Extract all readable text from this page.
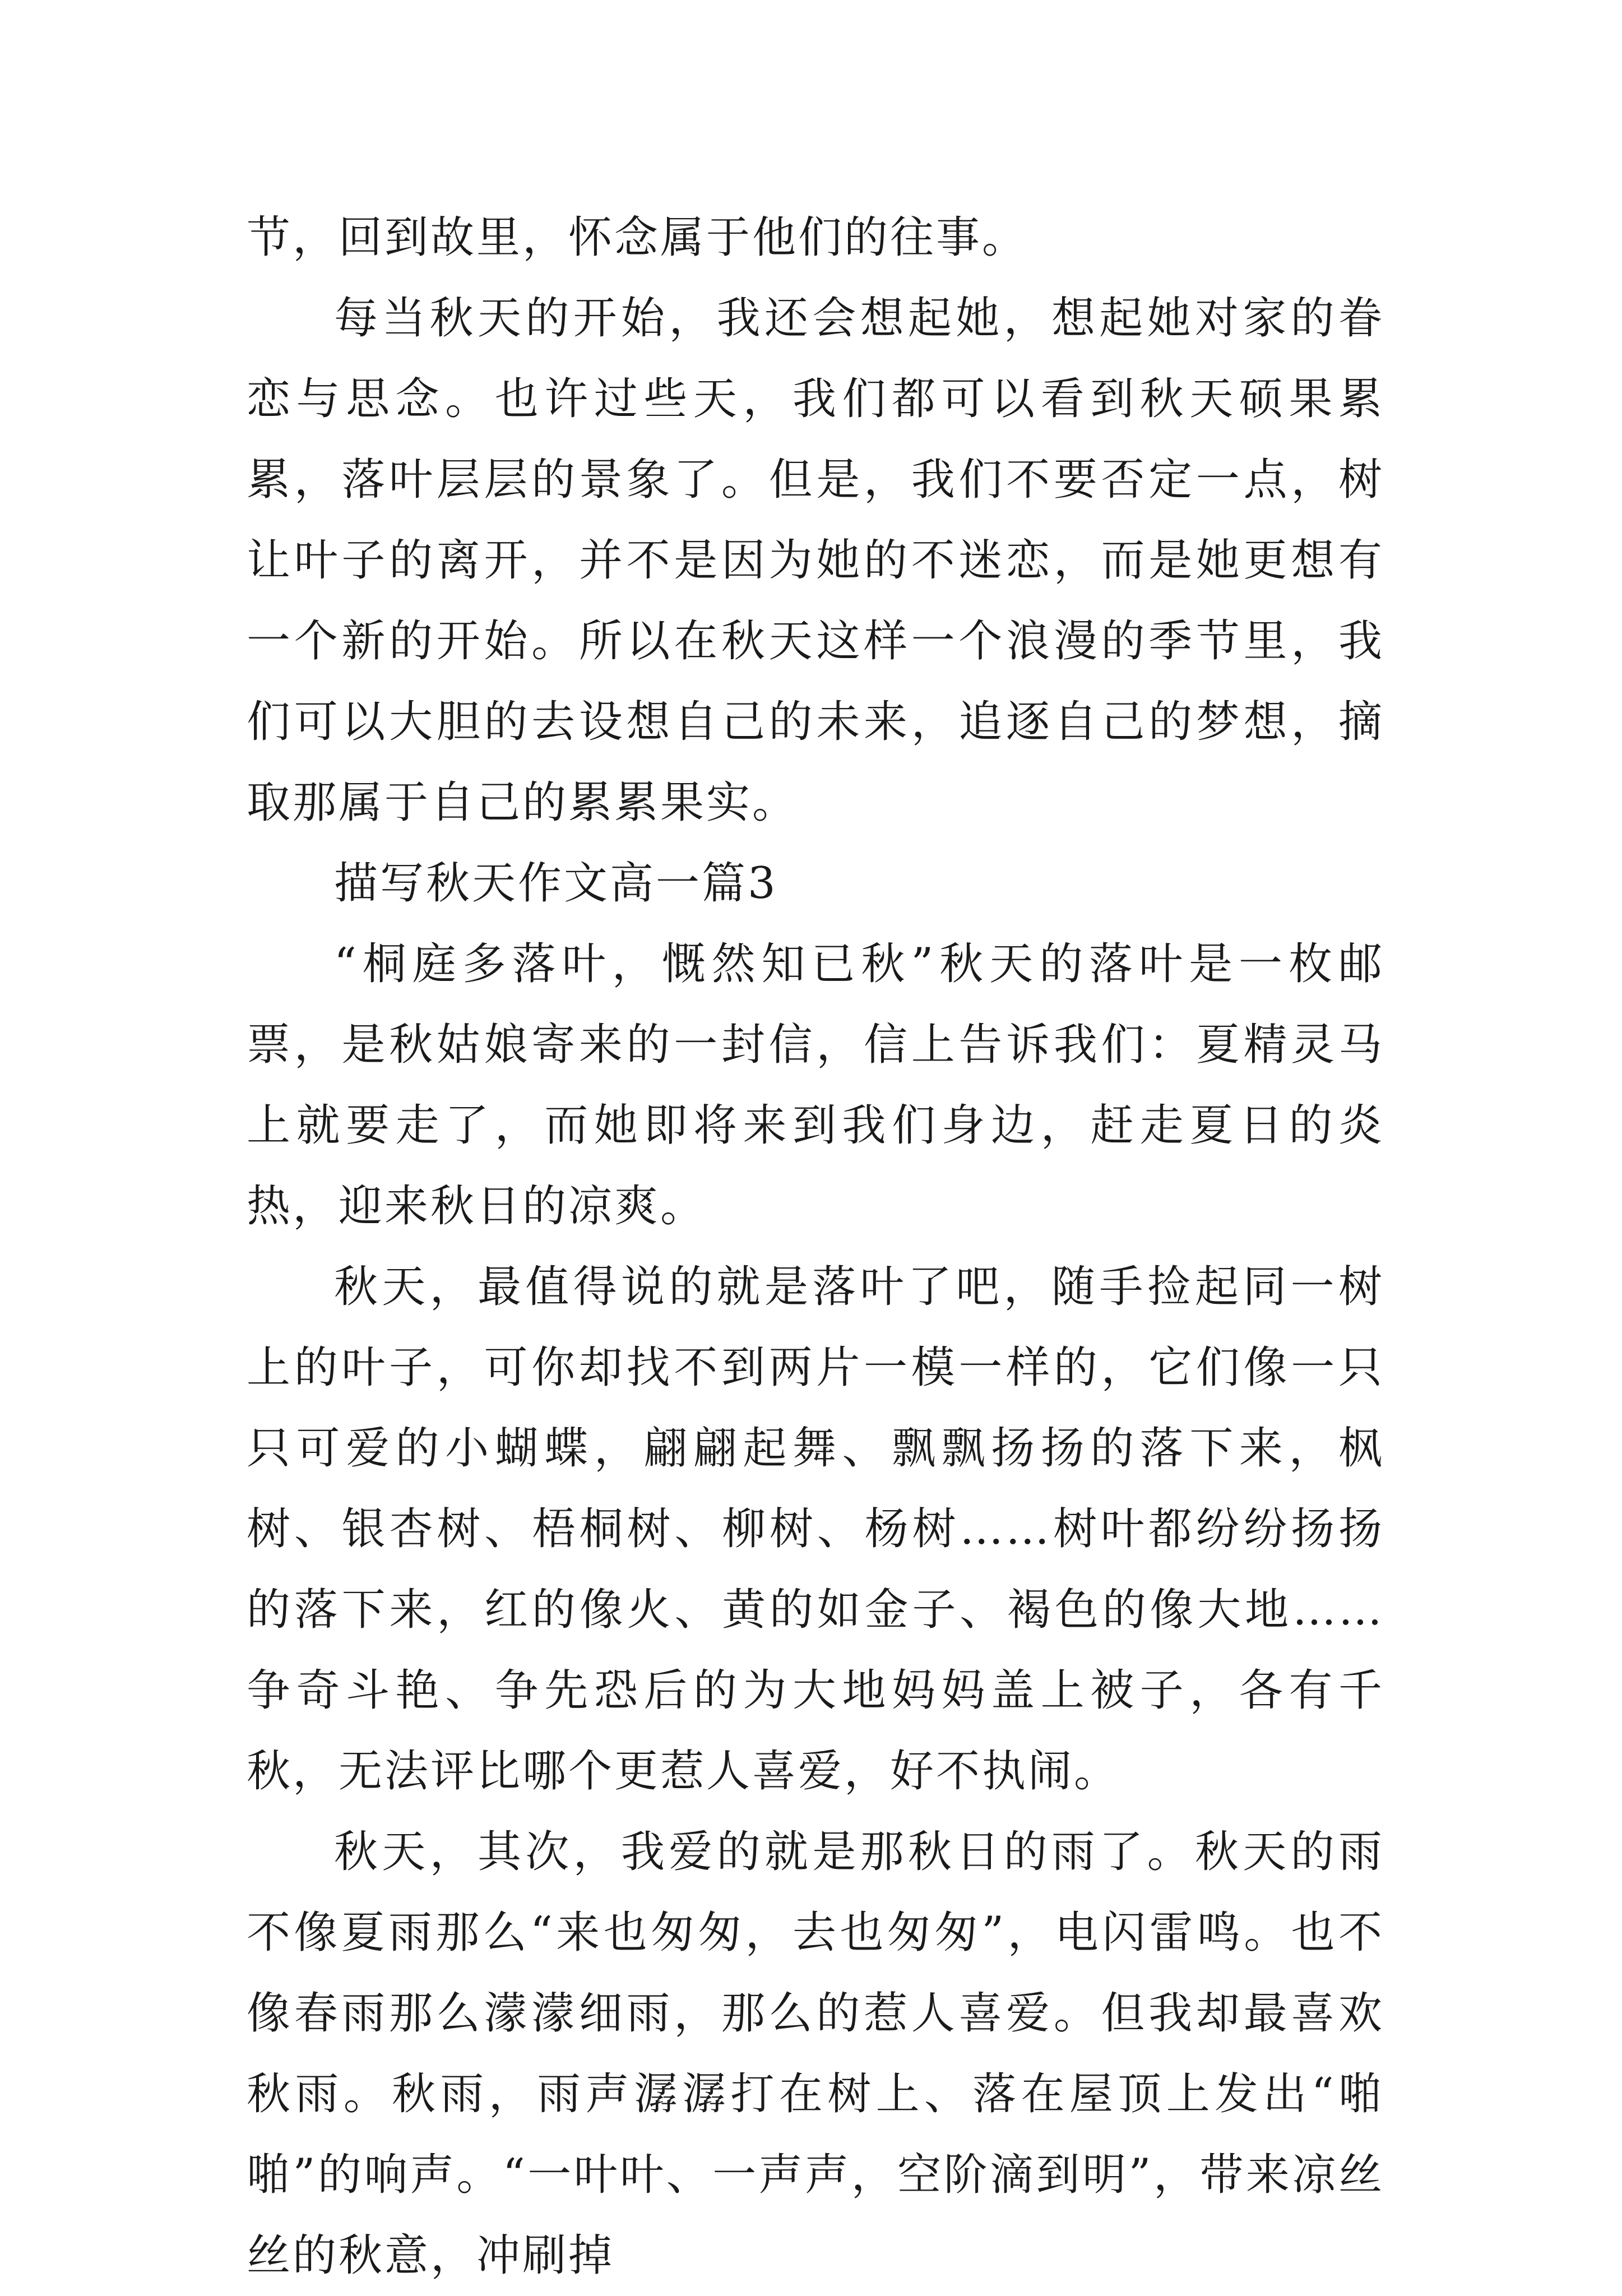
节，回到故里，怀念属于他们的往事。

每当秋天的开始，我还会想起她，想起她对家的眷恋与思念。也许过些天，我们都可以看到秋天硕果累累，落叶层层的景象了。但是，我们不要否定一点，树让叶子的离开，并不是因为她的不迷恋，而是她更想有一个新的开始。所以在秋天这样一个浪漫的季节里，我们可以大胆的去设想自己的未来，追逐自己的梦想，摘取那属于自己的累累果实。

描写秋天作文高一篇3

“桐庭多落叶，慨然知已秋”秋天的落叶是一枚邮票，是秋姑娘寄来的一封信，信上告诉我们：夏精灵马上就要走了，而她即将来到我们身边，赶走夏日的炎热，迎来秋日的凉爽。

秋天，最值得说的就是落叶了吧，随手捡起同一树上的叶子，可你却找不到两片一模一样的，它们像一只只可爱的小蝴蝶，翩翩起舞、飘飘扬扬的落下来，枫树、银杏树、梧桐树、柳树、杨树……树叶都纷纷扬扬的落下来，红的像火、黄的如金子、褐色的像大地……争奇斗艳、争先恐后的为大地妈妈盖上被子，各有千秋，无法评比哪个更惹人喜爱，好不执闹。

秋天，其次，我爱的就是那秋日的雨了。秋天的雨不像夏雨那么“来也匆匆，去也匆匆”，电闪雷鸣。也不像春雨那么濛濛细雨，那么的惹人喜爱。但我却最喜欢秋雨。秋雨，雨声潺潺打在树上、落在屋顶上发出“啪啪”的响声。“一叶叶、一声声，空阶滴到明”，带来凉丝丝的秋意，冲刷掉
